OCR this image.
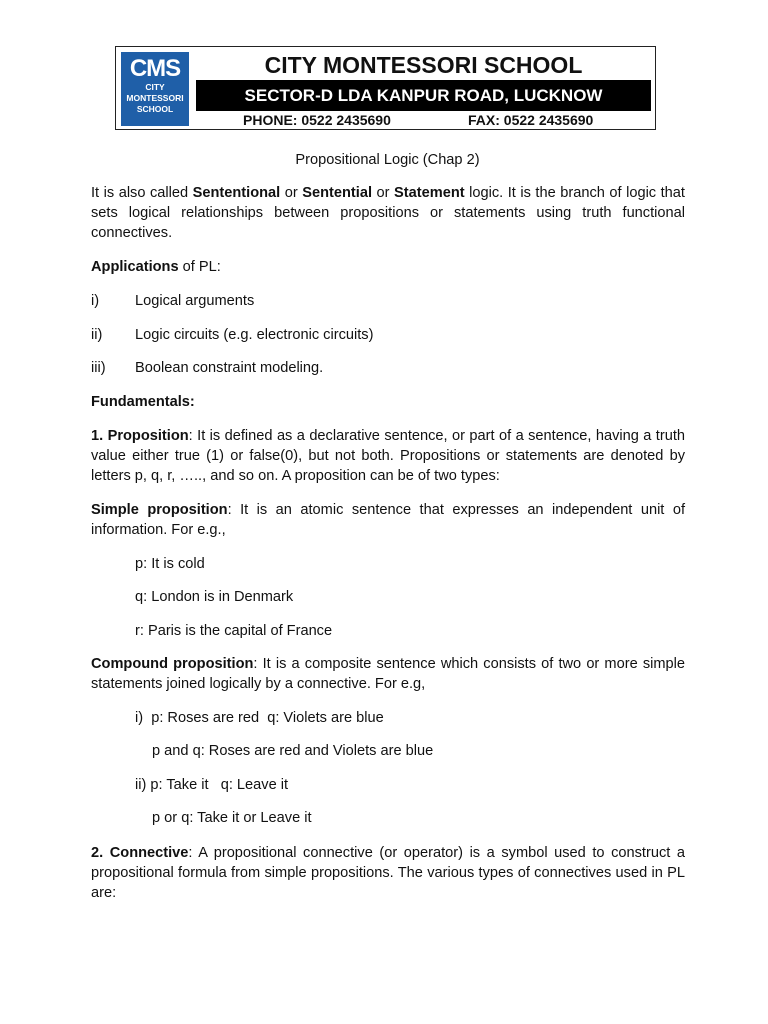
CMS
CITY
MONTESSORI
SCHOOL
CITY MONTESSORI SCHOOL
SECTOR-D LDA KANPUR ROAD, LUCKNOW
PHONE: 0522 2435690	FAX: 0522 2435690
Propositional Logic (Chap 2)
It is also called Sententional or Sentential or Statement logic. It is the branch of logic that sets logical relationships between propositions or statements using truth functional connectives.
Applications of PL:
i) Logical arguments
ii) Logic circuits (e.g. electronic circuits)
iii) Boolean constraint modeling.
Fundamentals:
1. Proposition: It is defined as a declarative sentence, or part of a sentence, having a truth value either true (1) or false(0), but not both. Propositions or statements are denoted by letters p, q, r, ….., and so on. A proposition can be of two types:
Simple proposition: It is an atomic sentence that expresses an independent unit of information. For e.g.,
p: It is cold
q: London is in Denmark
r: Paris is the capital of France
Compound proposition: It is a composite sentence which consists of two or more simple statements joined logically by a connective. For e.g,
i)  p: Roses are red  q: Violets are blue
p and q: Roses are red and Violets are blue
ii) p: Take it   q: Leave it
p or q: Take it or Leave it
2. Connective: A propositional connective (or operator) is a symbol used to construct a propositional formula from simple propositions. The various types of connectives used in PL are:
